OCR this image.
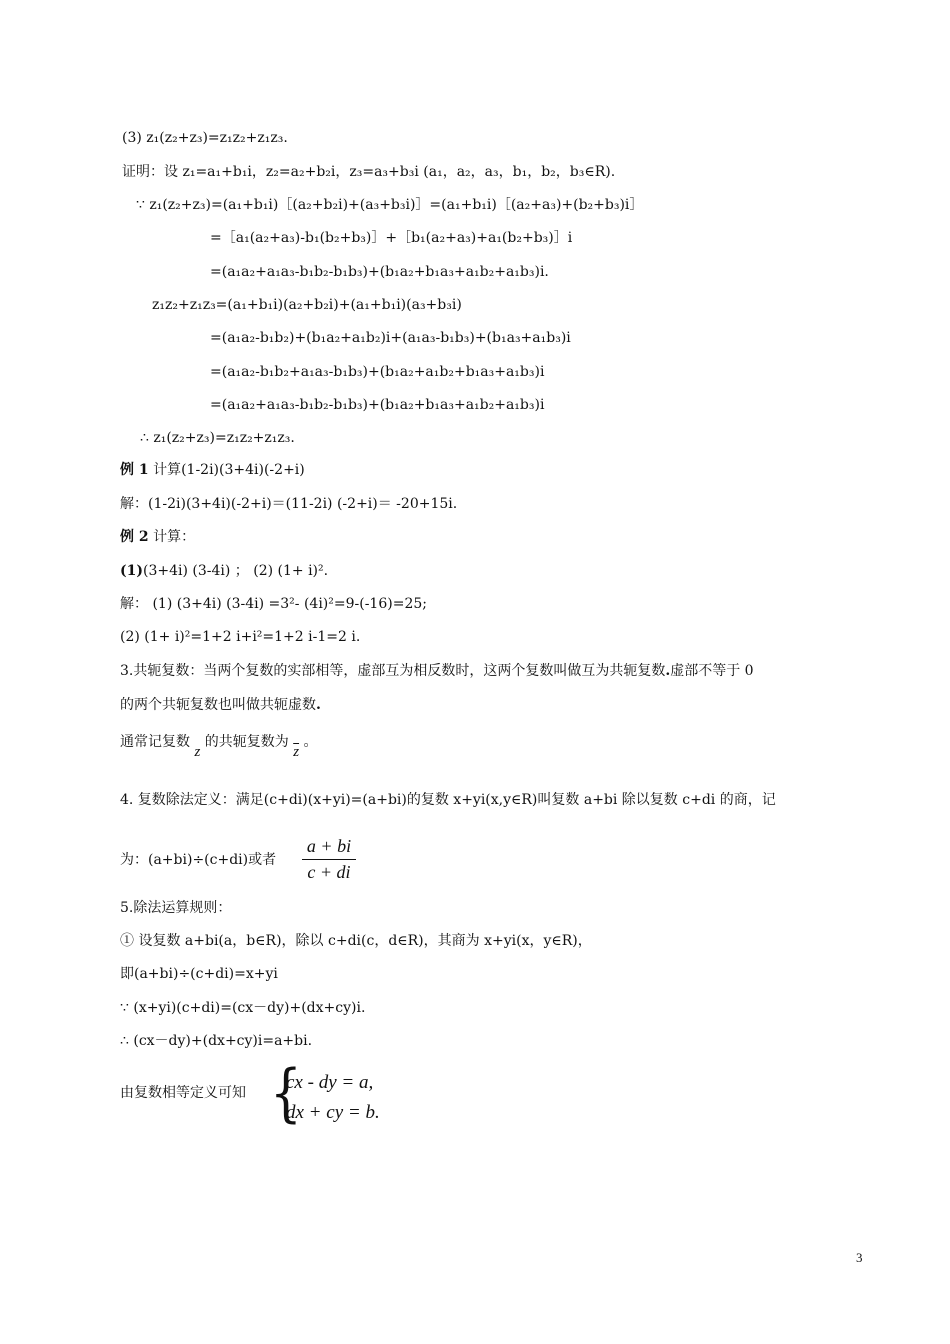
(3) z₁(z₂+z₃)=z₁z₂+z₁z₃.
证明：设 z₁=a₁+b₁i，z₂=a₂+b₂i，z₃=a₃+b₃i (a₁，a₂，a₃，b₁，b₂，b₃∈R).
∵ z₁(z₂+z₃)=(a₁+b₁i)［(a₂+b₂i)+(a₃+b₃i)］=(a₁+b₁i)［(a₂+a₃)+(b₂+b₃)i］
=［a₁(a₂+a₃)-b₁(b₂+b₃)］+［b₁(a₂+a₃)+a₁(b₂+b₃)］i
=(a₁a₂+a₁a₃-b₁b₂-b₁b₃)+(b₁a₂+b₁a₃+a₁b₂+a₁b₃)i.
z₁z₂+z₁z₃=(a₁+b₁i)(a₂+b₂i)+(a₁+b₁i)(a₃+b₃i)
=(a₁a₂-b₁b₂)+(b₁a₂+a₁b₂)i+(a₁a₃-b₁b₃)+(b₁a₃+a₁b₃)i
=(a₁a₂-b₁b₂+a₁a₃-b₁b₃)+(b₁a₂+a₁b₂+b₁a₃+a₁b₃)i
=(a₁a₂+a₁a₃-b₁b₂-b₁b₃)+(b₁a₂+b₁a₃+a₁b₂+a₁b₃)i
∴ z₁(z₂+z₃)=z₁z₂+z₁z₃.
例 1 计算(1-2i)(3+4i)(-2+i)
解：(1-2i)(3+4i)(-2+i)＝(11-2i) (-2+i)＝ -20+15i.
例 2 计算：
(1)(3+4i) (3-4i) ； (2) (1+ i)².
解： (1) (3+4i) (3-4i) =3²- (4i)²=9-(-16)=25;
(2) (1+ i)²=1+2 i+i²=1+2 i-1=2 i.
3.共轭复数：当两个复数的实部相等，虚部互为相反数时，这两个复数叫做互为共轭复数.虚部不等于 0
的两个共轭复数也叫做共轭虚数.
通常记复数 z 的共轭复数为 $\overline{z}$ 。
4. 复数除法定义：满足(c+di)(x+yi)=(a+bi)的复数 x+yi(x,y∈R)叫复数 a+bi 除以复数 c+di 的商，记
为：(a+bi)÷(c+di)或者
a + bi
c + di
5.除法运算规则：
① 设复数 a+bi(a，b∈R)，除以 c+di(c，d∈R)，其商为 x+yi(x，y∈R)，
即(a+bi)÷(c+di)=x+yi
∵ (x+yi)(c+di)=(cx－dy)+(dx+cy)i.
∴ (cx－dy)+(dx+cy)i=a+bi.
由复数相等定义可知 {
cx - dy = a,
dx + cy = b.
3
